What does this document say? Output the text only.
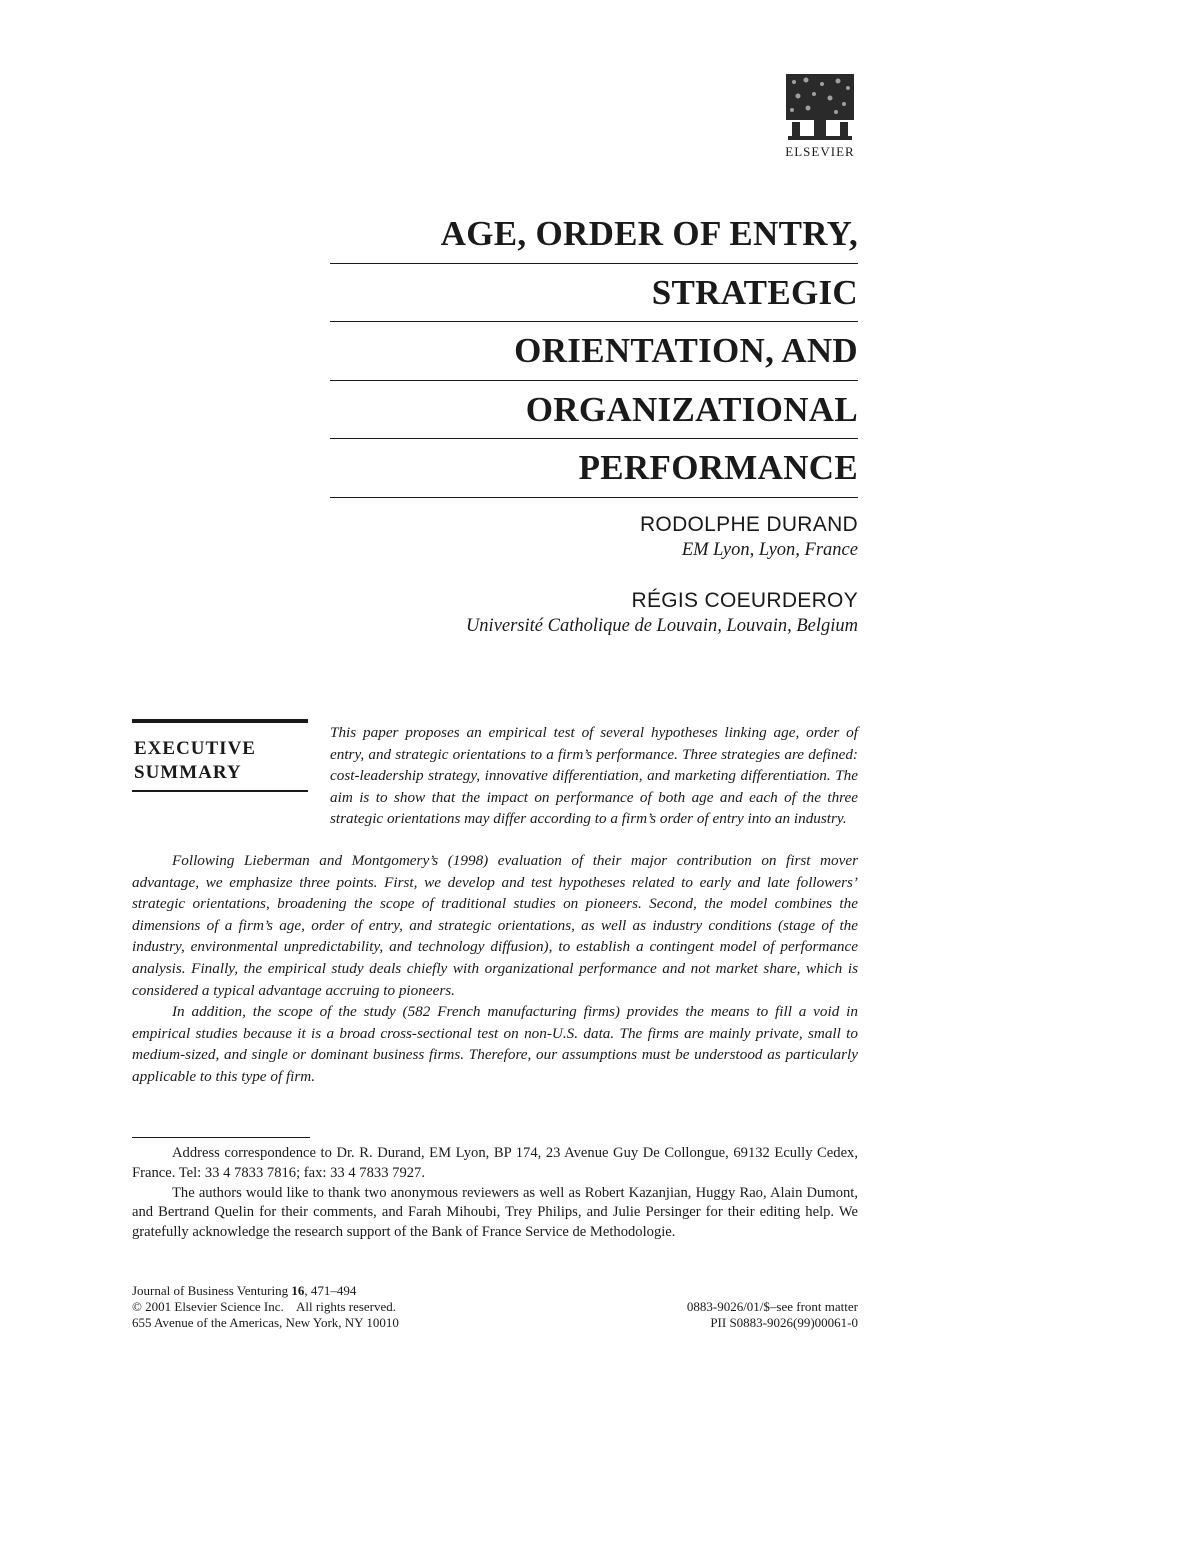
ELSEVIER
AGE, ORDER OF ENTRY,
STRATEGIC
ORIENTATION, AND
ORGANIZATIONAL
PERFORMANCE
RODOLPHE DURAND
EM Lyon, Lyon, France
RÉGIS COEURDEROY
Université Catholique de Louvain, Louvain, Belgium
EXECUTIVE
SUMMARY
This paper proposes an empirical test of several hypotheses linking age, order of entry, and strategic orientations to a firm’s performance. Three strategies are defined: cost-leadership strategy, innovative differentiation, and marketing differentiation. The aim is to show that the impact on performance of both age and each of the three strategic orientations may differ according to a firm’s order of entry into an industry.

Following Lieberman and Montgomery’s (1998) evaluation of their major contribution on first mover advantage, we emphasize three points. First, we develop and test hypotheses related to early and late followers’ strategic orientations, broadening the scope of traditional studies on pioneers. Second, the model combines the dimensions of a firm’s age, order of entry, and strategic orientations, as well as industry conditions (stage of the industry, environmental unpredictability, and technology diffusion), to establish a contingent model of performance analysis. Finally, the empirical study deals chiefly with organizational performance and not market share, which is considered a typical advantage accruing to pioneers.

In addition, the scope of the study (582 French manufacturing firms) provides the means to fill a void in empirical studies because it is a broad cross-sectional test on non-U.S. data. The firms are mainly private, small to medium-sized, and single or dominant business firms. Therefore, our assumptions must be understood as particularly applicable to this type of firm.

Address correspondence to Dr. R. Durand, EM Lyon, BP 174, 23 Avenue Guy De Collongue, 69132 Ecully Cedex, France. Tel: 33 4 7833 7816; fax: 33 4 7833 7927.

The authors would like to thank two anonymous reviewers as well as Robert Kazanjian, Huggy Rao, Alain Dumont, and Bertrand Quelin for their comments, and Farah Mihoubi, Trey Philips, and Julie Persinger for their editing help. We gratefully acknowledge the research support of the Bank of France Service de Methodologie.

Journal of Business Venturing 16, 471–494
© 2001 Elsevier Science Inc.    All rights reserved.
655 Avenue of the Americas, New York, NY 10010
0883-9026/01/$–see front matter
PII S0883-9026(99)00061-0
